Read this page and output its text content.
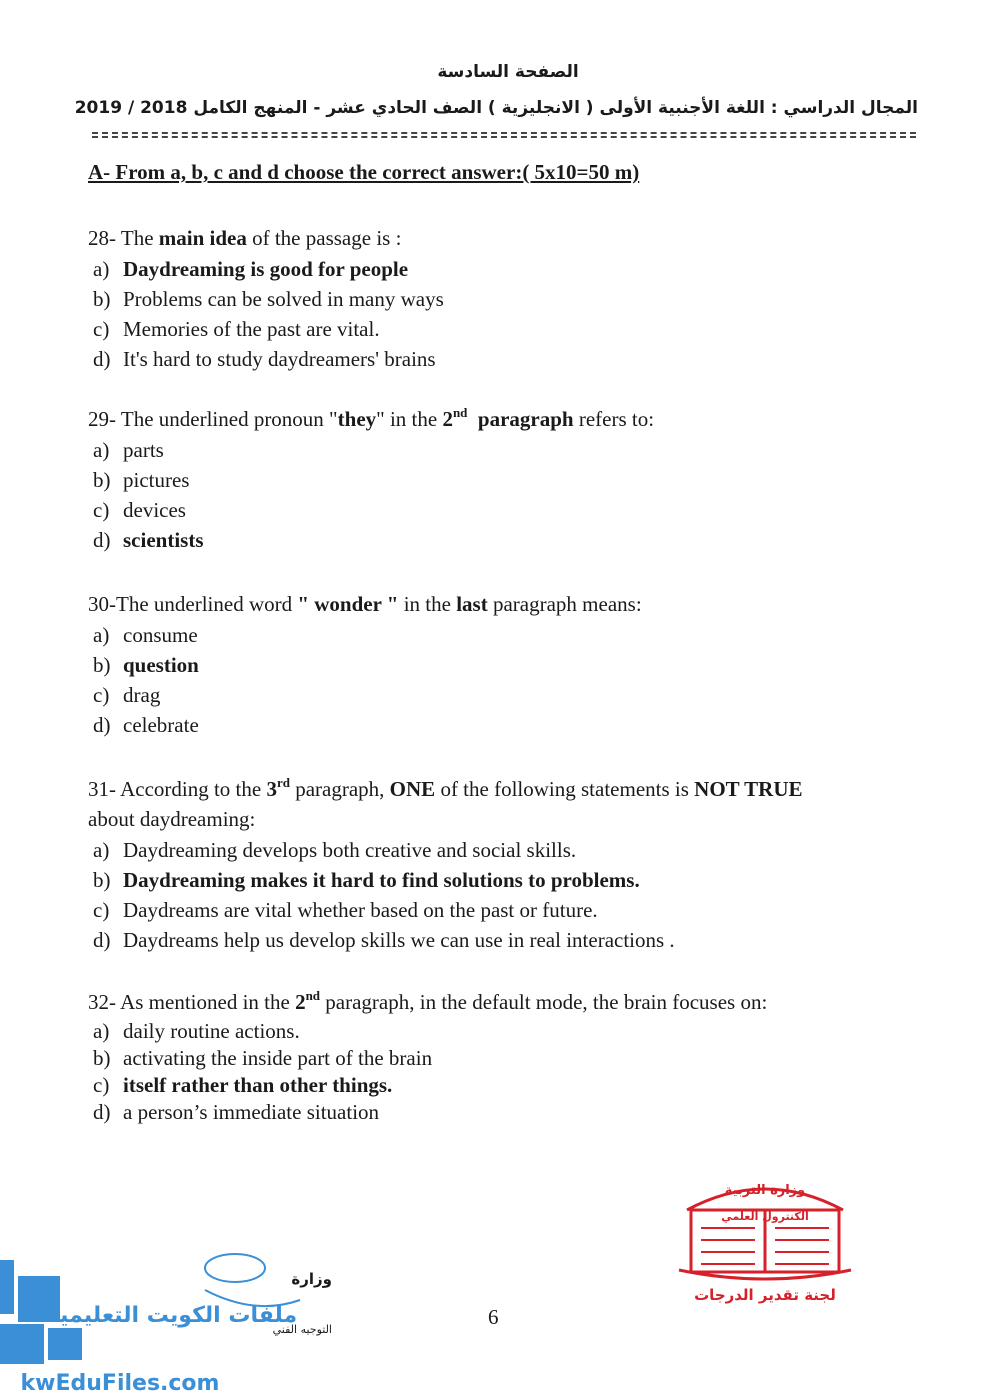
الصفحة السادسة
المجال الدراسي : اللغة الأجنبية الأولى ( الانجليزية ) الصف الحادي عشر - المنهج الكامل 2018 / 2019
A- From a, b, c and d choose the correct answer:( 5x10=50 m)
28- The main idea of the passage is :
a) Daydreaming is good for people
b) Problems can be solved in many ways
c) Memories of the past are vital.
d) It's hard to study daydreamers' brains
29- The underlined pronoun "they" in the 2nd paragraph refers to:
a) parts
b) pictures
c) devices
d) scientists
30-The underlined word " wonder " in the last paragraph means:
a) consume
b) question
c) drag
d) celebrate
31- According to the 3rd paragraph, ONE of the following statements is NOT TRUE
about daydreaming:
a) Daydreaming develops both creative and social skills.
b) Daydreaming makes it hard to find solutions to problems.
c) Daydreams are vital whether based on the past or future.
d) Daydreams help us develop skills we can use in real interactions .
32- As mentioned in the 2nd paragraph, in the default mode, the brain focuses on:
a) daily routine actions.
b) activating the inside part of the brain
c) itself rather than other things.
d) a person’s immediate situation
وزارة التربية
الكنترول العلمي
لجنة تقدير الدرجات
وزارة
التوجيه الفني
ملفات الكويت التعليمية
kwEduFiles.com
6
